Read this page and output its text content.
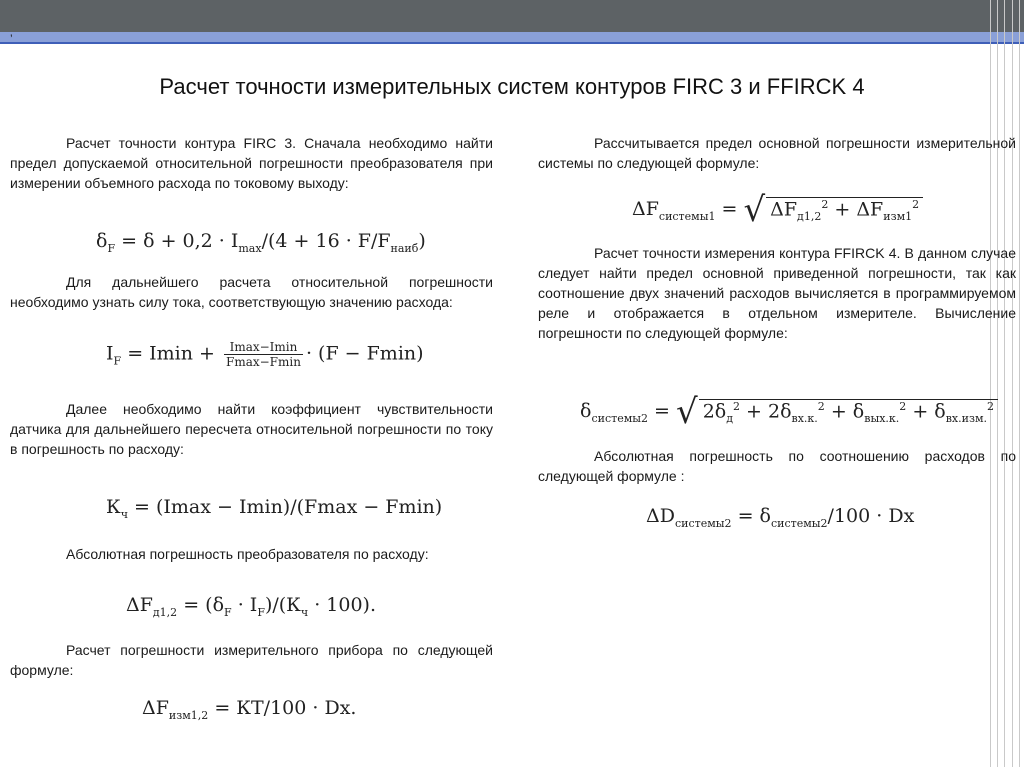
’
Расчет точности измерительных систем контуров FIRC 3 и FFIRCK 4
Расчет точности контура FIRC 3. Сначала необходимо найти предел допускаемой относительной погрешности преобразователя при измерении объемного расхода по токовому выходу:
$\delta_F = \delta + 0,2 \cdot I_{max}/(4 + 16 \cdot F/F_{наиб})$
Для дальнейшего расчета относительной погрешности необходимо узнать силу тока, соответствующую значению расхода:
$I_F = Imin + \frac{Imax-Imin}{Fmax-Fmin} \cdot (F - Fmin)$
Далее необходимо найти коэффициент чувствительности датчика для дальнейшего пересчета относительной погрешности по току в погрешность по расходу:
$К_ч = (Imax - Imin)/(Fmax - Fmin)$
Абсолютная погрешность преобразователя по расходу:
$\Delta F_{д1,2} = (\delta_F \cdot I_F)/(К_ч \cdot 100)$.
Расчет погрешности измерительного прибора по следующей формуле:
$\Delta F_{изм1,2} = КТ/100 \cdot Dx$.
Рассчитывается предел основной погрешности измерительной системы по следующей формуле:
$\Delta F_{системы1}$ = √ $\Delta F_{д1,2}^2 + \Delta F_{изм1}^2$
Расчет точности измерения контура FFIRCK 4. В данном случае следует найти предел основной приведенной погрешности, так как соотношение двух значений расходов вычисляется в программируемом реле и отображается в отдельном измерителе. Вычисление погрешности по следующей формуле:
$\delta_{системы2}$ = √ $2\delta_д^2 + 2\delta_{вх.к.}^2 + \delta_{вых.к.}^2 + \delta_{вх.изм.}^2$
Абсолютная погрешность по соотношению расходов по следующей формуле :
$\Delta D_{системы2} = \delta_{системы2}/100 \cdot Dx$
